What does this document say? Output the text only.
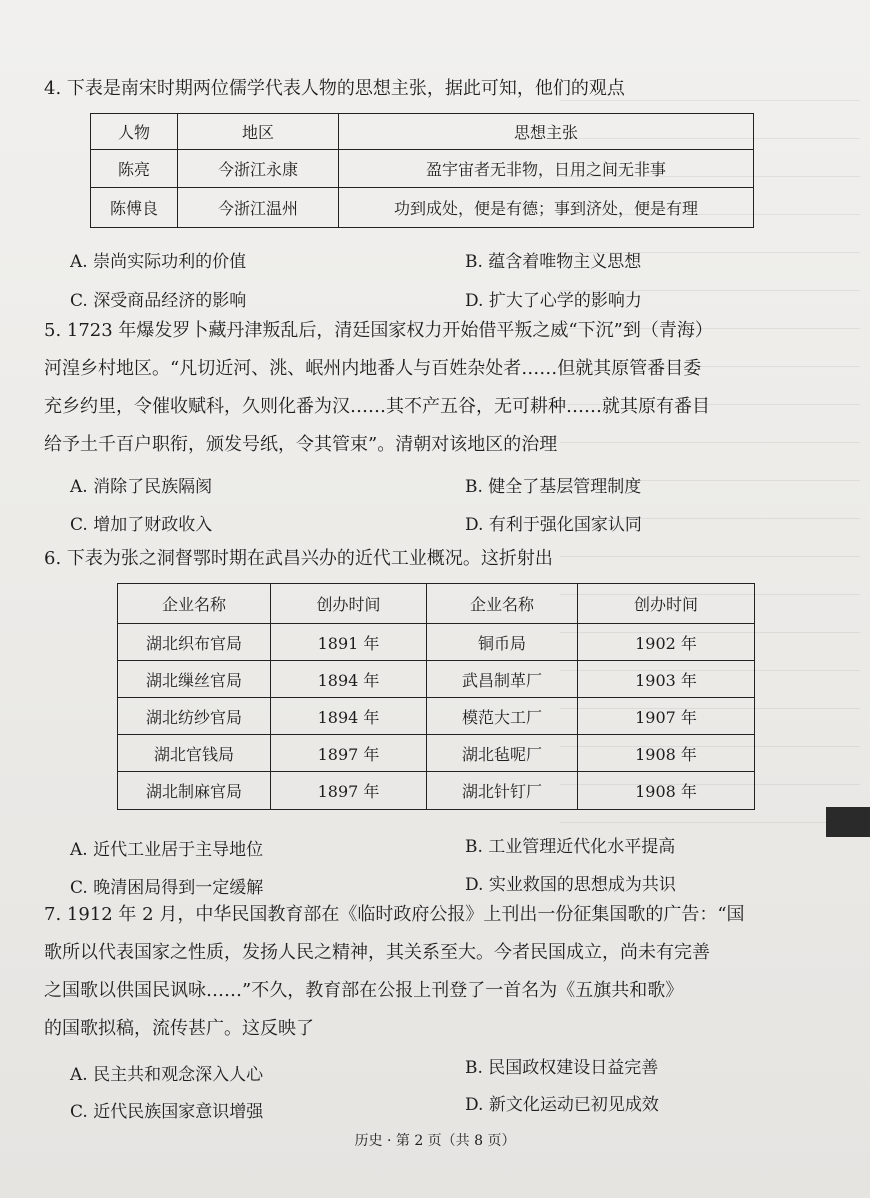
4. 下表是南宋时期两位儒学代表人物的思想主张，据此可知，他们的观点

人物	地区	思想主张
陈亮	今浙江永康	盈宇宙者无非物，日用之间无非事
陈傅良	今浙江温州	功到成处，便是有德；事到济处，便是有理
A. 崇尚实际功利的价值	B. 蕴含着唯物主义思想
C. 深受商品经济的影响	D. 扩大了心学的影响力

5. 1723 年爆发罗卜藏丹津叛乱后，清廷国家权力开始借平叛之威“下沉”到（青海）

河湟乡村地区。“凡切近河、洮、岷州内地番人与百姓杂处者……但就其原管番目委

充乡约里，令催收赋科，久则化番为汉……其不产五谷，无可耕种……就其原有番目

给予土千百户职衔，颁发号纸，令其管束”。清朝对该地区的治理

A. 消除了民族隔阂	B. 健全了基层管理制度
C. 增加了财政收入	D. 有利于强化国家认同

6. 下表为张之洞督鄂时期在武昌兴办的近代工业概况。这折射出

企业名称	创办时间	企业名称	创办时间
湖北织布官局	1891 年	铜币局	1902 年
湖北缫丝官局	1894 年	武昌制革厂	1903 年
湖北纺纱官局	1894 年	模范大工厂	1907 年
湖北官钱局	1897 年	湖北毡呢厂	1908 年
湖北制麻官局	1897 年	湖北针钉厂	1908 年
A. 近代工业居于主导地位	B. 工业管理近代化水平提高
C. 晚清困局得到一定缓解	D. 实业救国的思想成为共识

7. 1912 年 2 月，中华民国教育部在《临时政府公报》上刊出一份征集国歌的广告：“国

歌所以代表国家之性质，发扬人民之精神，其关系至大。今者民国成立，尚未有完善

之国歌以供国民讽咏……”不久，教育部在公报上刊登了一首名为《五旗共和歌》

的国歌拟稿，流传甚广。这反映了

A. 民主共和观念深入人心	B. 民国政权建设日益完善
C. 近代民族国家意识增强	D. 新文化运动已初见成效
历史 · 第 2 页（共 8 页）
